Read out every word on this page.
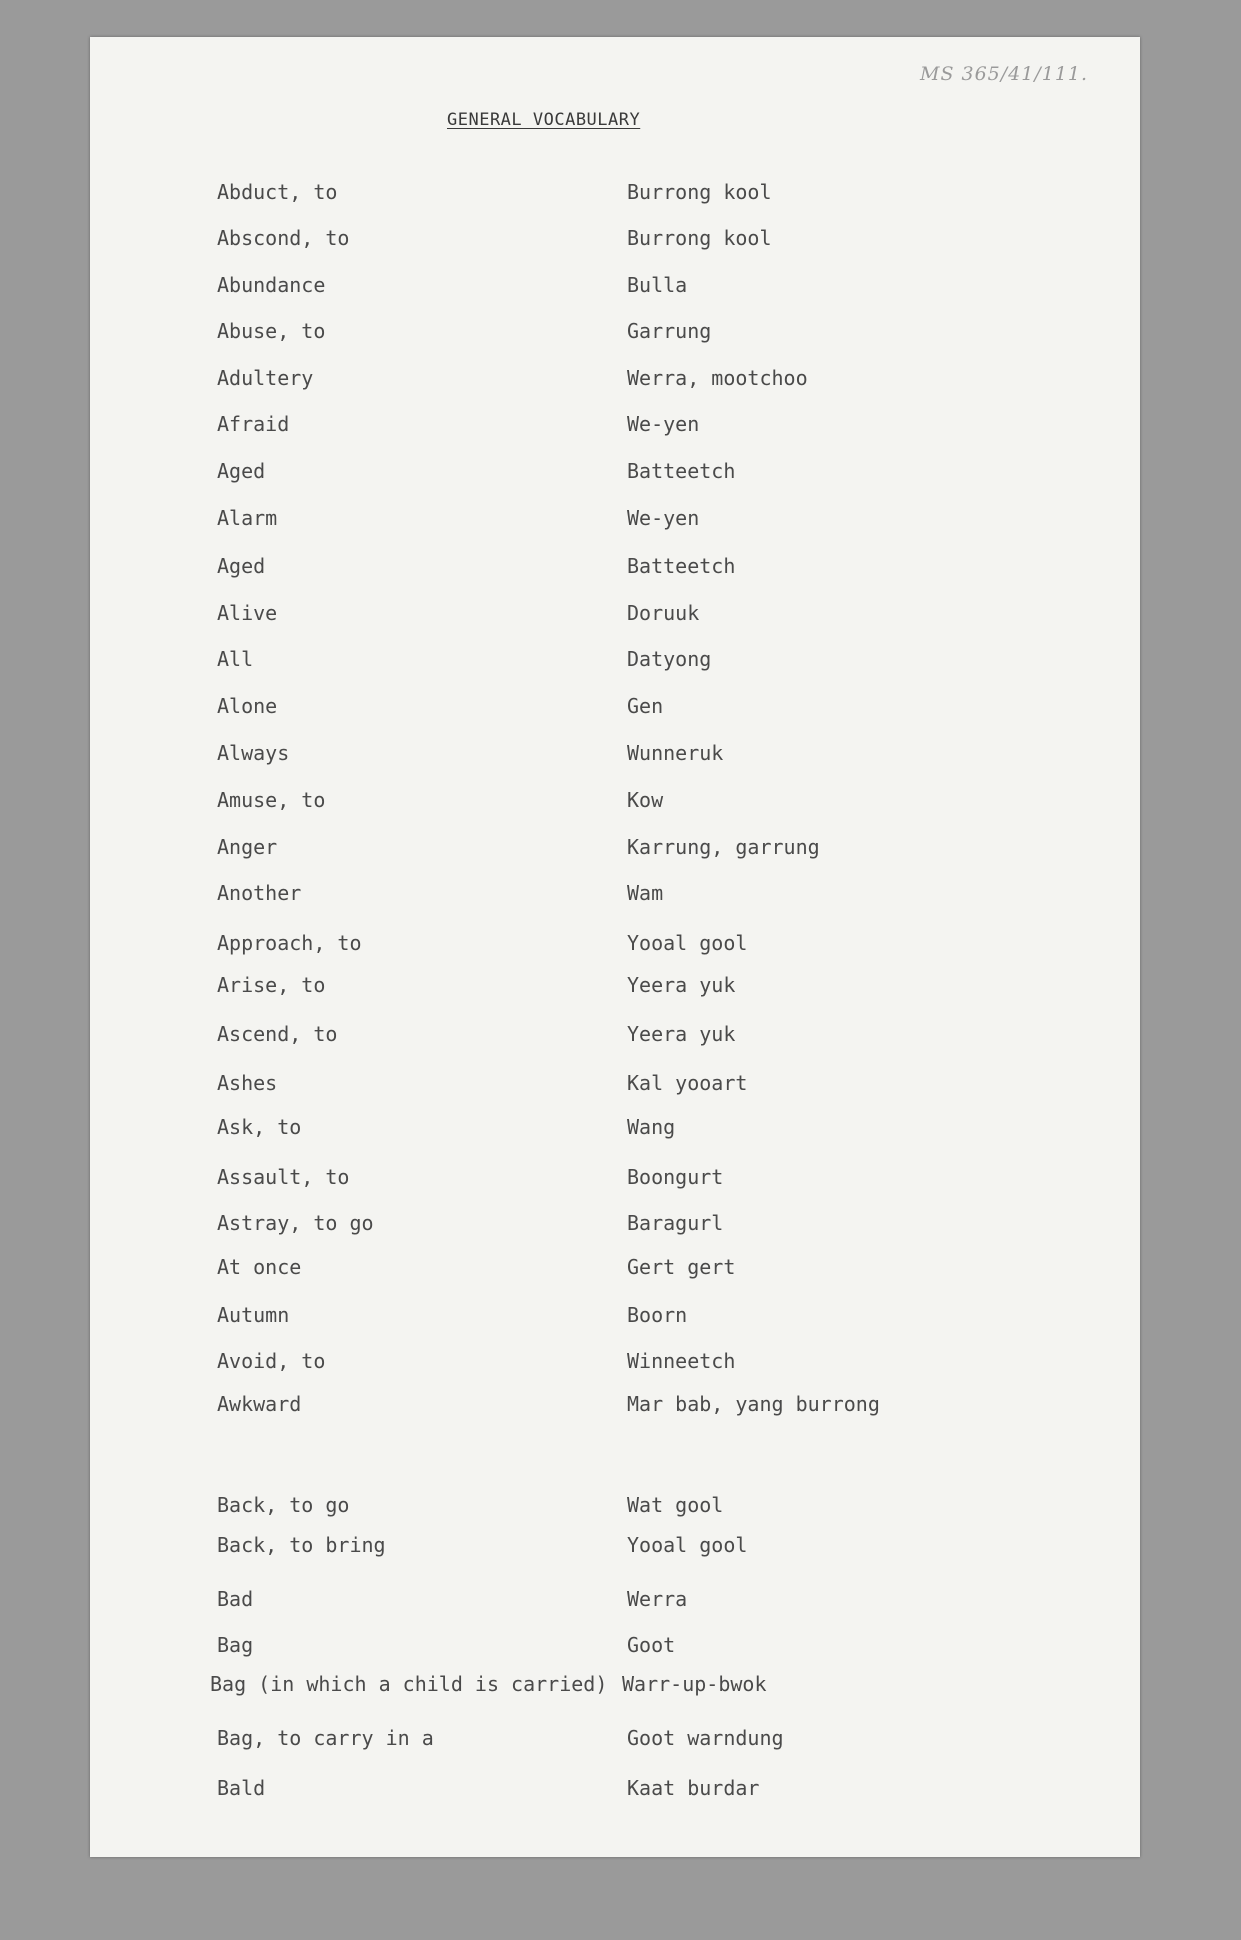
MS 365/41/111.
GENERAL VOCABULARY
Abduct, to	Burrong kool
Abscond, to	Burrong kool
Abundance	Bulla
Abuse, to	Garrung
Adultery	Werra, mootchoo
Afraid	We-yen
Aged	Batteetch
Alarm	We-yen
Aged	Batteetch
Alive	Doruuk
All	Datyong
Alone	Gen
Always	Wunneruk
Amuse, to	Kow
Anger	Karrung, garrung
Another	Wam
Approach, to	Yooal gool
Arise, to	Yeera yuk
Ascend, to	Yeera yuk
Ashes	Kal yooart
Ask, to	Wang
Assault, to	Boongurt
Astray, to go	Baragurl
At once	Gert gert
Autumn	Boorn
Avoid, to	Winneetch
Awkward	Mar bab, yang burrong
Back, to go	Wat gool
Back, to bring	Yooal gool
Bad	Werra
Bag	Goot
Bag (in which a child is carried) Warr-up-bwok
Bag, to carry in a	Goot warndung
Bald	Kaat burdar
